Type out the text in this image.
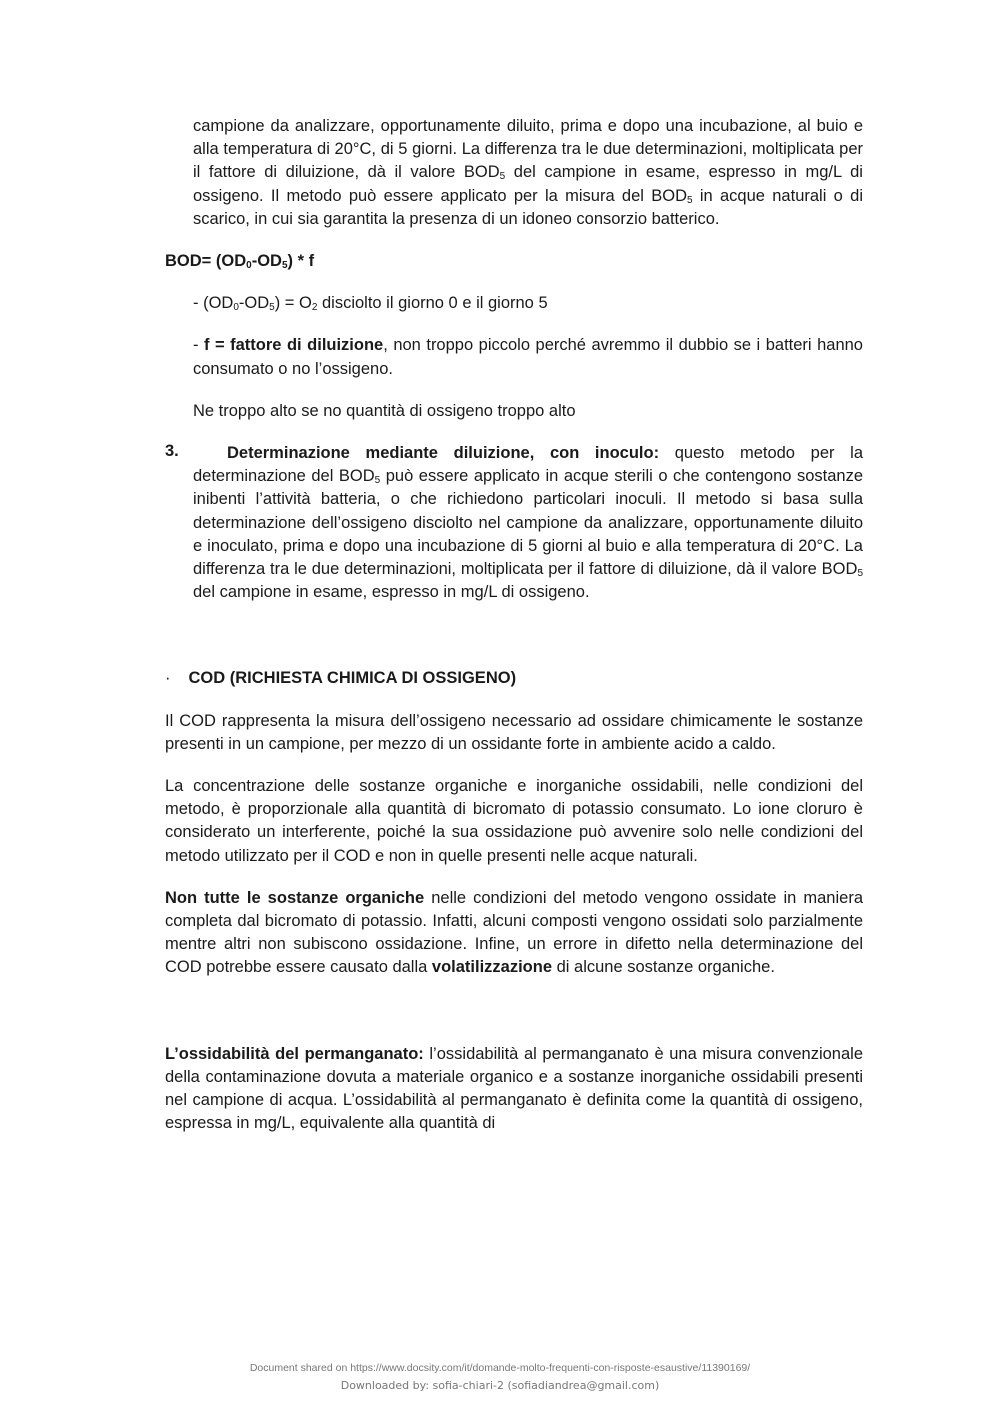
campione da analizzare, opportunamente diluito, prima e dopo una incubazione, al buio e alla temperatura di 20°C, di 5 giorni. La differenza tra le due determinazioni, moltiplicata per il fattore di diluizione, dà il valore $BOD_5$ del campione in esame, espresso in mg/L di ossigeno. Il metodo può essere applicato per la misura del $BOD_5$ in acque naturali o di scarico, in cui sia garantita la presenza di un idoneo consorzio batterico.

$BOD= (OD_0-OD_5) * f$

- $(OD_0-OD_5) = O_2$ disciolto il giorno 0 e il giorno 5

- f = fattore di diluizione, non troppo piccolo perché avremmo il dubbio se i batteri hanno consumato o no l’ossigeno.

Ne troppo alto se no quantità di ossigeno troppo alto

3.	Determinazione mediante diluizione, con inoculo: questo metodo per la determinazione del $BOD_5$ può essere applicato in acque sterili o che contengono sostanze inibenti l’attività batteria, o che richiedono particolari inoculi. Il metodo si basa sulla determinazione dell’ossigeno disciolto nel campione da analizzare, opportunamente diluito e inoculato, prima e dopo una incubazione di 5 giorni al buio e alla temperatura di 20°C. La differenza tra le due determinazioni, moltiplicata per il fattore di diluizione, dà il valore $BOD_5$ del campione in esame, espresso in mg/L di ossigeno.

· COD (RICHIESTA CHIMICA DI OSSIGENO)

Il COD rappresenta la misura dell’ossigeno necessario ad ossidare chimicamente le sostanze presenti in un campione, per mezzo di un ossidante forte in ambiente acido a caldo.

La concentrazione delle sostanze organiche e inorganiche ossidabili, nelle condizioni del metodo, è proporzionale alla quantità di bicromato di potassio consumato. Lo ione cloruro è considerato un interferente, poiché la sua ossidazione può avvenire solo nelle condizioni del metodo utilizzato per il COD e non in quelle presenti nelle acque naturali.

Non tutte le sostanze organiche nelle condizioni del metodo vengono ossidate in maniera completa dal bicromato di potassio. Infatti, alcuni composti vengono ossidati solo parzialmente mentre altri non subiscono ossidazione. Infine, un errore in difetto nella determinazione del COD potrebbe essere causato dalla volatilizzazione di alcune sostanze organiche.

L’ossidabilità del permanganato: l’ossidabilità al permanganato è una misura convenzionale della contaminazione dovuta a materiale organico e a sostanze inorganiche ossidabili presenti nel campione di acqua. L’ossidabilità al permanganato è definita come la quantità di ossigeno, espressa in mg/L, equivalente alla quantità di

Document shared on https://www.docsity.com/it/domande-molto-frequenti-con-risposte-esaustive/11390169/
Downloaded by: sofia-chiari-2 (sofiadiandrea@gmail.com)
